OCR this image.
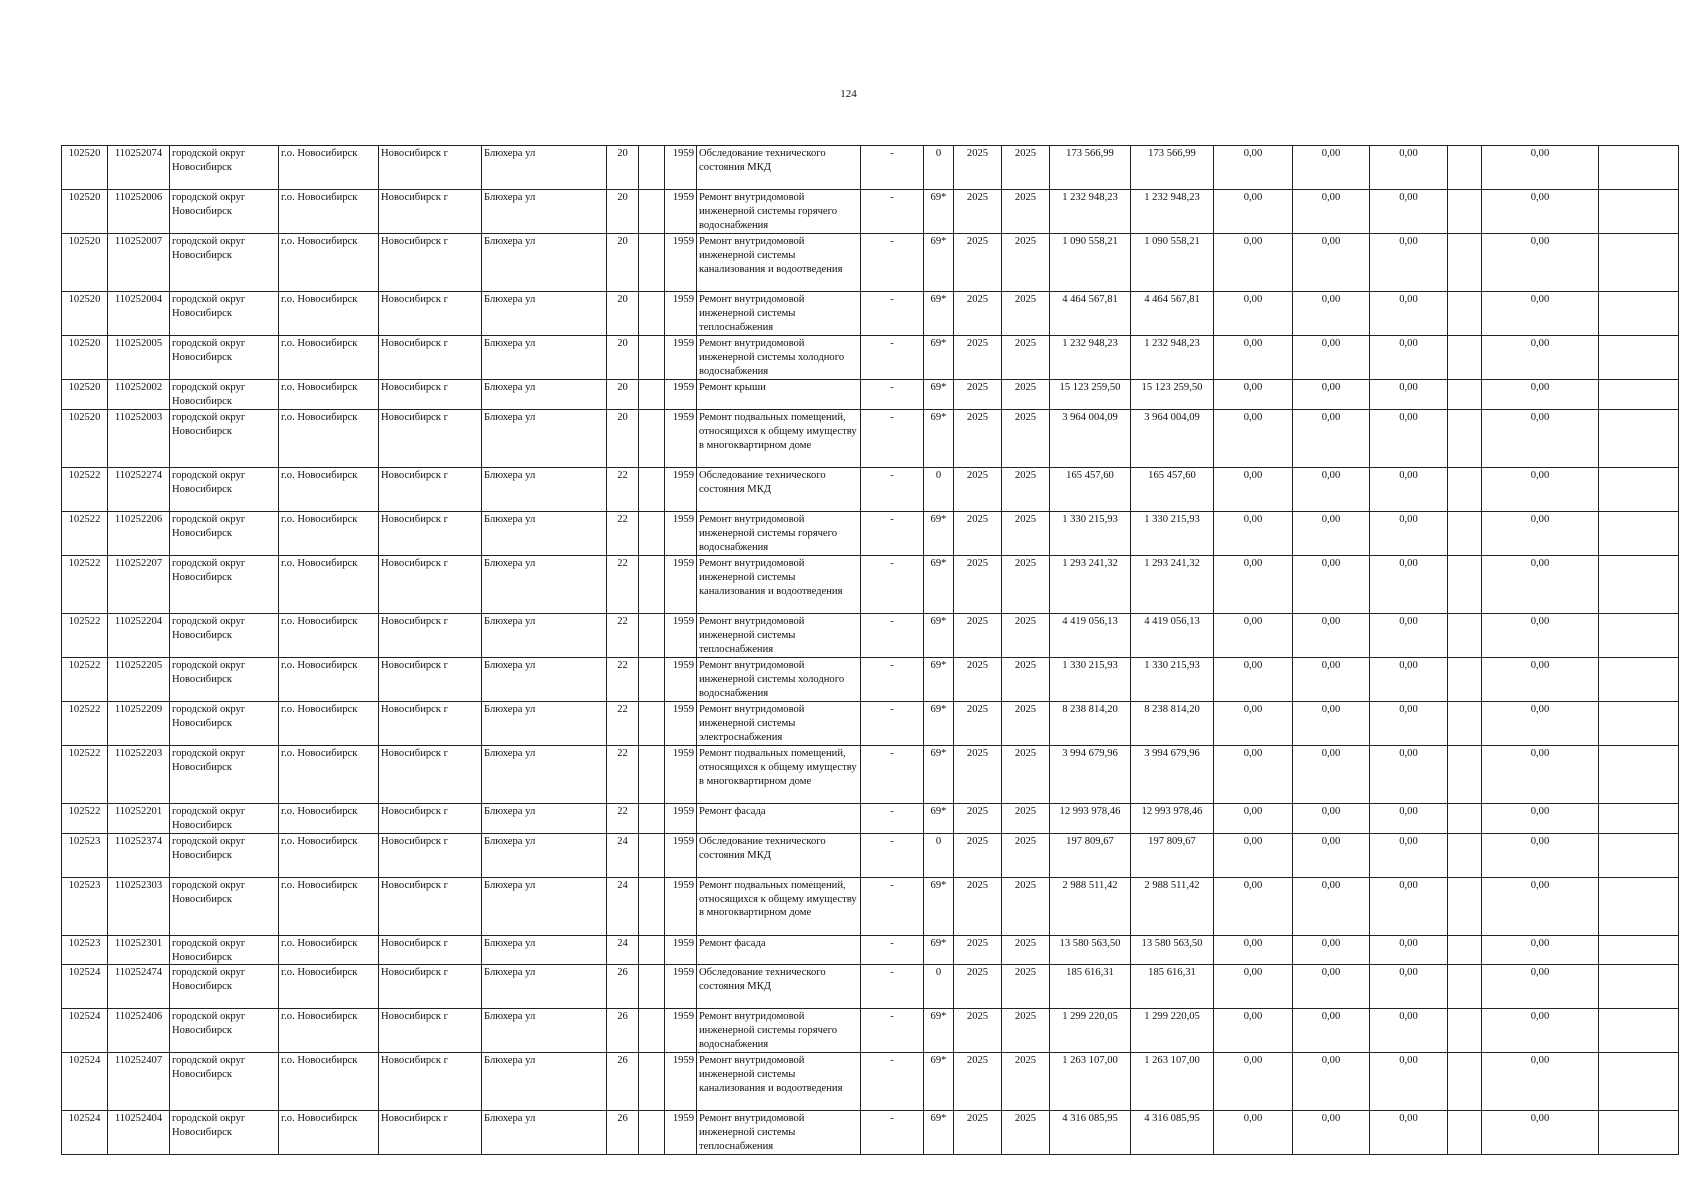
124
102520	110252074	городской округ Новосибирск	г.о. Новосибирск	Новосибирск г	Блюхера ул	20		1959	Обследование технического состояния МКД	-	0	2025	2025	173 566,99	173 566,99	0,00	0,00	0,00		0,00	
102520	110252006	городской округ Новосибирск	г.о. Новосибирск	Новосибирск г	Блюхера ул	20		1959	Ремонт внутридомовой инженерной системы горячего водоснабжения	-	69*	2025	2025	1 232 948,23	1 232 948,23	0,00	0,00	0,00		0,00	
102520	110252007	городской округ Новосибирск	г.о. Новосибирск	Новосибирск г	Блюхера ул	20		1959	Ремонт внутридомовой инженерной системы канализования и водоотведения	-	69*	2025	2025	1 090 558,21	1 090 558,21	0,00	0,00	0,00		0,00	
102520	110252004	городской округ Новосибирск	г.о. Новосибирск	Новосибирск г	Блюхера ул	20		1959	Ремонт внутридомовой инженерной системы теплоснабжения	-	69*	2025	2025	4 464 567,81	4 464 567,81	0,00	0,00	0,00		0,00	
102520	110252005	городской округ Новосибирск	г.о. Новосибирск	Новосибирск г	Блюхера ул	20		1959	Ремонт внутридомовой инженерной системы холодного водоснабжения	-	69*	2025	2025	1 232 948,23	1 232 948,23	0,00	0,00	0,00		0,00	
102520	110252002	городской округ Новосибирск	г.о. Новосибирск	Новосибирск г	Блюхера ул	20		1959	Ремонт крыши	-	69*	2025	2025	15 123 259,50	15 123 259,50	0,00	0,00	0,00		0,00	
102520	110252003	городской округ Новосибирск	г.о. Новосибирск	Новосибирск г	Блюхера ул	20		1959	Ремонт подвальных помещений, относящихся к общему имуществу в многоквартирном доме	-	69*	2025	2025	3 964 004,09	3 964 004,09	0,00	0,00	0,00		0,00	
102522	110252274	городской округ Новосибирск	г.о. Новосибирск	Новосибирск г	Блюхера ул	22		1959	Обследование технического состояния МКД	-	0	2025	2025	165 457,60	165 457,60	0,00	0,00	0,00		0,00	
102522	110252206	городской округ Новосибирск	г.о. Новосибирск	Новосибирск г	Блюхера ул	22		1959	Ремонт внутридомовой инженерной системы горячего водоснабжения	-	69*	2025	2025	1 330 215,93	1 330 215,93	0,00	0,00	0,00		0,00	
102522	110252207	городской округ Новосибирск	г.о. Новосибирск	Новосибирск г	Блюхера ул	22		1959	Ремонт внутридомовой инженерной системы канализования и водоотведения	-	69*	2025	2025	1 293 241,32	1 293 241,32	0,00	0,00	0,00		0,00	
102522	110252204	городской округ Новосибирск	г.о. Новосибирск	Новосибирск г	Блюхера ул	22		1959	Ремонт внутридомовой инженерной системы теплоснабжения	-	69*	2025	2025	4 419 056,13	4 419 056,13	0,00	0,00	0,00		0,00	
102522	110252205	городской округ Новосибирск	г.о. Новосибирск	Новосибирск г	Блюхера ул	22		1959	Ремонт внутридомовой инженерной системы холодного водоснабжения	-	69*	2025	2025	1 330 215,93	1 330 215,93	0,00	0,00	0,00		0,00	
102522	110252209	городской округ Новосибирск	г.о. Новосибирск	Новосибирск г	Блюхера ул	22		1959	Ремонт внутридомовой инженерной системы электроснабжения	-	69*	2025	2025	8 238 814,20	8 238 814,20	0,00	0,00	0,00		0,00	
102522	110252203	городской округ Новосибирск	г.о. Новосибирск	Новосибирск г	Блюхера ул	22		1959	Ремонт подвальных помещений, относящихся к общему имуществу в многоквартирном доме	-	69*	2025	2025	3 994 679,96	3 994 679,96	0,00	0,00	0,00		0,00	
102522	110252201	городской округ Новосибирск	г.о. Новосибирск	Новосибирск г	Блюхера ул	22		1959	Ремонт фасада	-	69*	2025	2025	12 993 978,46	12 993 978,46	0,00	0,00	0,00		0,00	
102523	110252374	городской округ Новосибирск	г.о. Новосибирск	Новосибирск г	Блюхера ул	24		1959	Обследование технического состояния МКД	-	0	2025	2025	197 809,67	197 809,67	0,00	0,00	0,00		0,00	
102523	110252303	городской округ Новосибирск	г.о. Новосибирск	Новосибирск г	Блюхера ул	24		1959	Ремонт подвальных помещений, относящихся к общему имуществу в многоквартирном доме	-	69*	2025	2025	2 988 511,42	2 988 511,42	0,00	0,00	0,00		0,00	
102523	110252301	городской округ Новосибирск	г.о. Новосибирск	Новосибирск г	Блюхера ул	24		1959	Ремонт фасада	-	69*	2025	2025	13 580 563,50	13 580 563,50	0,00	0,00	0,00		0,00	
102524	110252474	городской округ Новосибирск	г.о. Новосибирск	Новосибирск г	Блюхера ул	26		1959	Обследование технического состояния МКД	-	0	2025	2025	185 616,31	185 616,31	0,00	0,00	0,00		0,00	
102524	110252406	городской округ Новосибирск	г.о. Новосибирск	Новосибирск г	Блюхера ул	26		1959	Ремонт внутридомовой инженерной системы горячего водоснабжения	-	69*	2025	2025	1 299 220,05	1 299 220,05	0,00	0,00	0,00		0,00	
102524	110252407	городской округ Новосибирск	г.о. Новосибирск	Новосибирск г	Блюхера ул	26		1959	Ремонт внутридомовой инженерной системы канализования и водоотведения	-	69*	2025	2025	1 263 107,00	1 263 107,00	0,00	0,00	0,00		0,00	
102524	110252404	городской округ Новосибирск	г.о. Новосибирск	Новосибирск г	Блюхера ул	26		1959	Ремонт внутридомовой инженерной системы теплоснабжения	-	69*	2025	2025	4 316 085,95	4 316 085,95	0,00	0,00	0,00		0,00	
